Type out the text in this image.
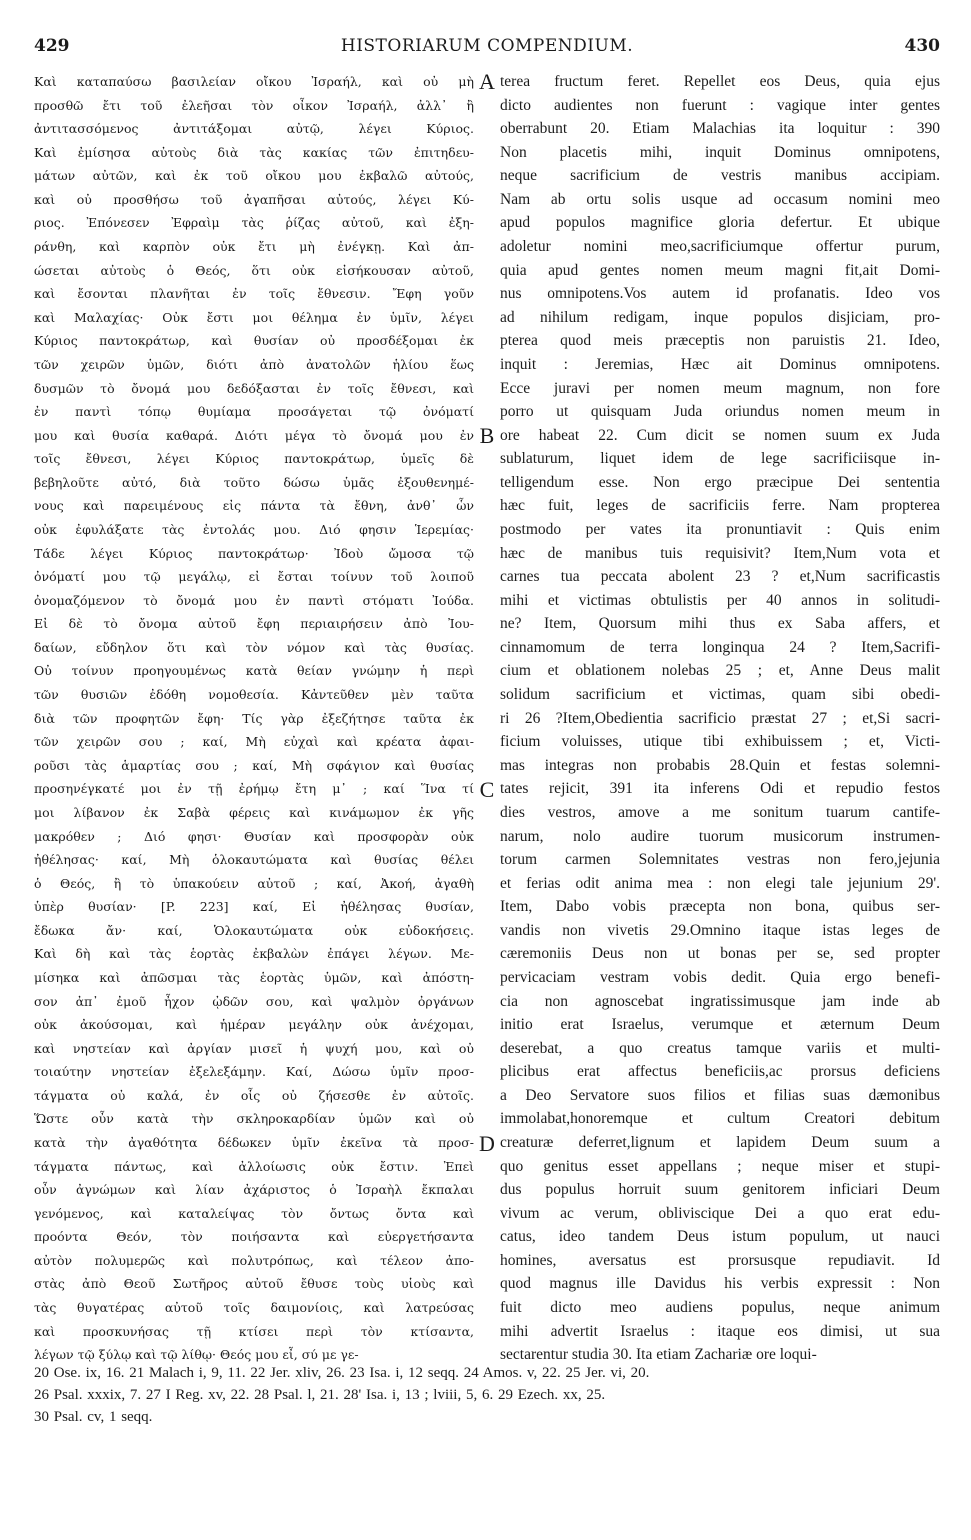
429	HISTORIARUM COMPENDIUM.	430
Καὶ καταπαύσω βασιλείαν οἴκου Ἰσραήλ, καὶ οὐ μὴ
προσθῶ ἔτι τοῦ ἐλεῆσαι τὸν οἶκον Ἰσραήλ, ἀλλ᾽ ἢ
ἀντιτασσόμενος ἀντιτάξομαι αὐτῷ, λέγει Κύριος.
Καὶ ἐμίσησα αὐτοὺς διὰ τὰς κακίας τῶν ἐπιτηδευ-
μάτων αὐτῶν, καὶ ἐκ τοῦ οἴκου μου ἐκβαλῶ αὐτούς,
καὶ οὐ προσθήσω τοῦ ἀγαπῆσαι αὐτούς, λέγει Κύ-
ριος. Ἐπόνεσεν Ἐφραὶμ τὰς ῥίζας αὐτοῦ, καὶ ἐξη-
ράνθη, καὶ καρπὸν οὐκ ἔτι μὴ ἐνέγκῃ. Καὶ ἀπ-
ώσεται αὐτοὺς ὁ Θεός, ὅτι οὐκ εἰσήκουσαν αὐτοῦ,
καὶ ἔσονται πλανῆται ἐν τοῖς ἔθνεσιν. Ἔφη γοῦν
καὶ Μαλαχίας· Οὐκ ἔστι μοι θέλημα ἐν ὑμῖν, λέγει
Κύριος παντοκράτωρ, καὶ θυσίαν οὐ προσδέξομαι ἐκ
τῶν χειρῶν ὑμῶν, διότι ἀπὸ ἀνατολῶν ἡλίου ἕως
δυσμῶν τὸ ὄνομά μου δεδόξασται ἐν τοῖς ἔθνεσι, καὶ
ἐν παντὶ τόπῳ θυμίαμα προσάγεται τῷ ὀνόματί
μου καὶ θυσία καθαρά. Διότι μέγα τὸ ὄνομά μου ἐν
τοῖς ἔθνεσι, λέγει Κύριος παντοκράτωρ, ὑμεῖς δὲ
βεβηλοῦτε αὐτό, διὰ τοῦτο δώσω ὑμᾶς ἐξουθενημέ-
νους καὶ παρειμένους εἰς πάντα τὰ ἔθνη, ἀνθ᾽ ὧν
οὐκ ἐφυλάξατε τὰς ἐντολάς μου. Διό φησιν Ἱερεμίας·
Τάδε λέγει Κύριος παντοκράτωρ· Ἰδοὺ ὤμοσα τῷ
ὀνόματί μου τῷ μεγάλῳ, εἰ ἔσται τοίνυν τοῦ λοιποῦ
ὀνομαζόμενον τὸ ὄνομά μου ἐν παντὶ στόματι Ἰούδα.
Εἰ δὲ τὸ ὄνομα αὐτοῦ ἔφη περιαιρήσειν ἀπὸ Ἰου-
δαίων, εὔδηλον ὅτι καὶ τὸν νόμον καὶ τὰς θυσίας.
Οὐ τοίνυν προηγουμένως κατὰ θείαν γνώμην ἡ περὶ
τῶν θυσιῶν ἐδόθη νομοθεσία. Κἀντεῦθεν μὲν ταῦτα
διὰ τῶν προφητῶν ἔφη· Τίς γὰρ ἐξεζήτησε ταῦτα ἐκ
τῶν χειρῶν σου ; καί, Μὴ εὐχαὶ καὶ κρέατα ἀφαι-
ροῦσι τὰς ἁμαρτίας σου ; καί, Μὴ σφάγιον καὶ θυσίας
προσηνέγκατέ μοι ἐν τῇ ἐρήμῳ ἔτη μ᾽ ; καί Ἵνα τί
μοι λίβανον ἐκ Σαβὰ φέρεις καὶ κινάμωμον ἐκ γῆς
μακρόθεν ; Διό φησι· Θυσίαν καὶ προσφορὰν οὐκ
ἠθέλησας· καί, Μὴ ὁλοκαυτώματα καὶ θυσίας θέλει
ὁ Θεός, ἢ τὸ ὑπακούειν αὐτοῦ ; καί, Ἀκοή, ἀγαθὴ
ὑπὲρ θυσίαν· [P. 223] καί, Εἰ ἠθέλησας θυσίαν,
ἔδωκα ἄν· καί, Ὁλοκαυτώματα οὐκ εὐδοκήσεις.
Καὶ δὴ καὶ τὰς ἑορτὰς ἐκβαλὼν ἐπάγει λέγων. Με-
μίσηκα καὶ ἀπῶσμαι τὰς ἑορτὰς ὑμῶν, καὶ ἀπόστη-
σον ἀπ᾽ ἐμοῦ ἦχον ᾠδῶν σου, καὶ ψαλμὸν ὀργάνων
οὐκ ἀκούσομαι, καὶ ἡμέραν μεγάλην οὐκ ἀνέχομαι,
καὶ νηστείαν καὶ ἀργίαν μισεῖ ἡ ψυχή μου, καὶ οὐ
τοιαύτην νηστείαν ἐξελεξάμην. Καί, Δώσω ὑμῖν προσ-
τάγματα οὐ καλά, ἐν οἷς οὐ ζήσεσθε ἐν αὐτοῖς.
Ὥστε οὖν κατὰ τὴν σκληροκαρδίαν ὑμῶν καὶ οὐ
κατὰ τὴν ἀγαθότητα δέδωκεν ὑμῖν ἐκεῖνα τὰ προσ-
τάγματα πάντως, καὶ ἀλλοίωσις οὐκ ἔστιν. Ἐπεὶ
οὖν ἀγνώμων καὶ λίαν ἀχάριστος ὁ Ἰσραὴλ ἔκπαλαι
γενόμενος, καὶ καταλείψας τὸν ὄντως ὄντα καὶ
προόντα Θεόν, τὸν ποιήσαντα καὶ εὐεργετήσαντα
αὐτὸν πολυμερῶς καὶ πολυτρόπως, καὶ τέλεον ἀπο-
στὰς ἀπὸ Θεοῦ Σωτῆρος αὐτοῦ ἔθυσε τοὺς υἱοὺς καὶ
τὰς θυγατέρας αὐτοῦ τοῖς δαιμονίοις, καὶ λατρεύσας
καὶ προσκυνήσας τῇ κτίσει περὶ τὸν κτίσαντα,
λέγων τῷ ξύλῳ καὶ τῷ λίθῳ· Θεός μου εἶ, σύ με γε-
terea fructum feret. Repellet eos Deus, quia ejus
dicto audientes non fuerunt : vagique inter gentes
oberrabunt 20. Etiam Malachias ita loquitur : 390
Non placetis mihi, inquit Dominus omnipotens,
neque sacrificium de vestris manibus accipiam.
Nam ab ortu solis usque ad occasum nomini meo
apud populos magnifice gloria defertur. Et ubique
adoletur nomini meo,sacrificiumque offertur purum,
quia apud gentes nomen meum magni fit,ait Domi-
nus omnipotens.Vos autem id profanatis. Ideo vos
ad nihilum redigam, inque populos disjiciam, pro-
pterea quod meis præceptis non paruistis 21. Ideo,
inquit : Jeremias, Hæc ait Dominus omnipotens.
Ecce juravi per nomen meum magnum, non fore
porro ut quisquam Juda oriundus nomen meum in
ore habeat 22. Cum dicit se nomen suum ex Juda
sublaturum, liquet idem de lege sacrificiisque in-
telligendum esse. Non ergo præcipue Dei sententia
hæc fuit, leges de sacrificiis ferre. Nam propterea
postmodo per vates ita pronuntiavit : Quis enim
hæc de manibus tuis requisivit? Item,Num vota et
carnes tua peccata abolent 23 ? et,Num sacrificastis
mihi et victimas obtulistis per 40 annos in solitudi-
ne? Item, Quorsum mihi thus ex Saba affers, et
cinnamomum de terra longinqua 24 ? Item,Sacrifi-
cium et oblationem nolebas 25 ; et, Anne Deus malit
solidum sacrificium et victimas, quam sibi obedi-
ri 26 ?Item,Obedientia sacrificio præstat 27 ; et,Si sacri-
ficium voluisses, utique tibi exhibuissem ; et, Victi-
mas integras non probabis 28.Quin et festas solemni-
tates rejicit, 391 ita inferens Odi et repudio festos
dies vestros, amove a me sonitum tuarum cantife-
narum, nolo audire tuorum musicorum instrumen-
torum carmen Solemnitates vestras non fero,jejunia
et ferias odit anima mea : non elegi tale jejunium 29'.
Item, Dabo vobis præcepta non bona, quibus ser-
vandis non vivetis 29.Omnino itaque istas leges de
cæremoniis Deus non ut bonas per se, sed propter
pervicaciam vestram vobis dedit. Quia ergo benefi-
cia non agnoscebat ingratissimusque jam inde ab
initio erat Israelus, verumque et æternum Deum
deserebat, a quo creatus tamque variis et multi-
plicibus erat affectus beneficiis,ac prorsus deficiens
a Deo Servatore suos filios et filias suas dæmonibus
immolabat,honoremque et cultum Creatori debitum
creaturæ deferret,lignum et lapidem Deum suum a
quo genitus esset appellans ; neque miser et stupi-
dus populus horruit suum genitorem inficiari Deum
vivum ac verum, obliviscique Dei a quo erat edu-
catus, ideo tandem Deus istum populum, ut nauci
homines, aversatus est prorsusque repudiavit. Id
quod magnus ille Davidus his verbis expressit : Non
fuit dicto meo audiens populus, neque animum
mihi advertit Israelus : itaque eos dimisi, ut sua
sectarentur studia 30. Ita etiam Zachariæ ore loqui-
A
B
C
D
20 Ose. ix, 16. 21 Malach i, 9, 11. 22 Jer. xliv, 26. 23 Isa. i, 12 seqq. 24 Amos. v, 22. 25 Jer. vi, 20.
26 Psal. xxxix, 7. 27 I Reg. xv, 22. 28 Psal. l, 21. 28' Isa. i, 13 ; lviii, 5, 6. 29 Ezech. xx, 25.
30 Psal. cv, 1 seqq.
